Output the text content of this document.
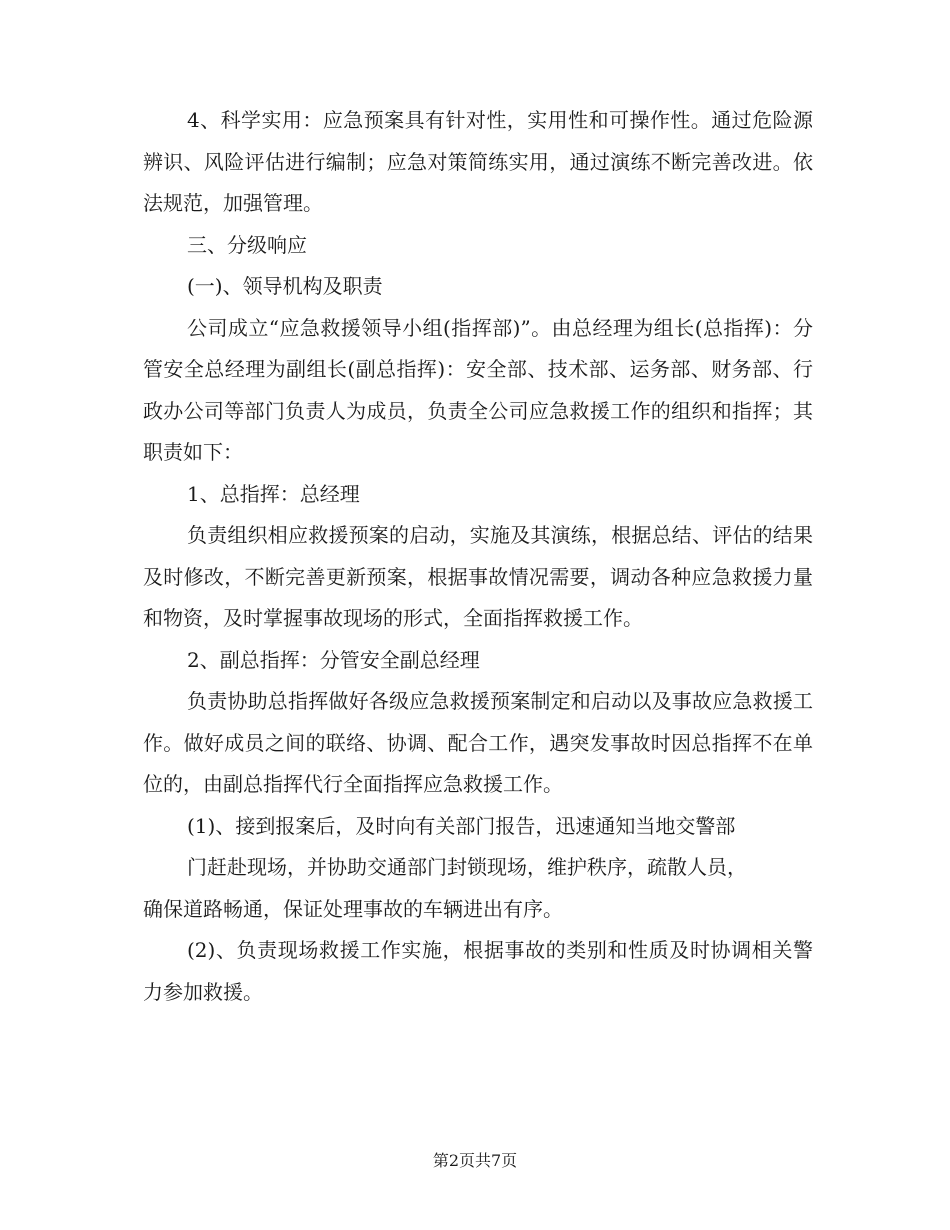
4、科学实用：应急预案具有针对性，实用性和可操作性。通过危险源辨识、风险评估进行编制；应急对策简练实用，通过演练不断完善改进。依法规范，加强管理。

三、分级响应

(一)、领导机构及职责

公司成立“应急救援领导小组(指挥部)”。由总经理为组长(总指挥)：分管安全总经理为副组长(副总指挥)：安全部、技术部、运务部、财务部、行政办公司等部门负责人为成员，负责全公司应急救援工作的组织和指挥；其职责如下：

1、总指挥：总经理

负责组织相应救援预案的启动，实施及其演练，根据总结、评估的结果及时修改，不断完善更新预案，根据事故情况需要，调动各种应急救援力量和物资，及时掌握事故现场的形式，全面指挥救援工作。

2、副总指挥：分管安全副总经理

负责协助总指挥做好各级应急救援预案制定和启动以及事故应急救援工作。做好成员之间的联络、协调、配合工作，遇突发事故时因总指挥不在单位的，由副总指挥代行全面指挥应急救援工作。

(1)、接到报案后，及时向有关部门报告，迅速通知当地交警部

门赶赴现场，并协助交通部门封锁现场，维护秩序，疏散人员，

确保道路畅通，保证处理事故的车辆进出有序。

(2)、负责现场救援工作实施，根据事故的类别和性质及时协调相关警力参加救援。

第2页共7页
